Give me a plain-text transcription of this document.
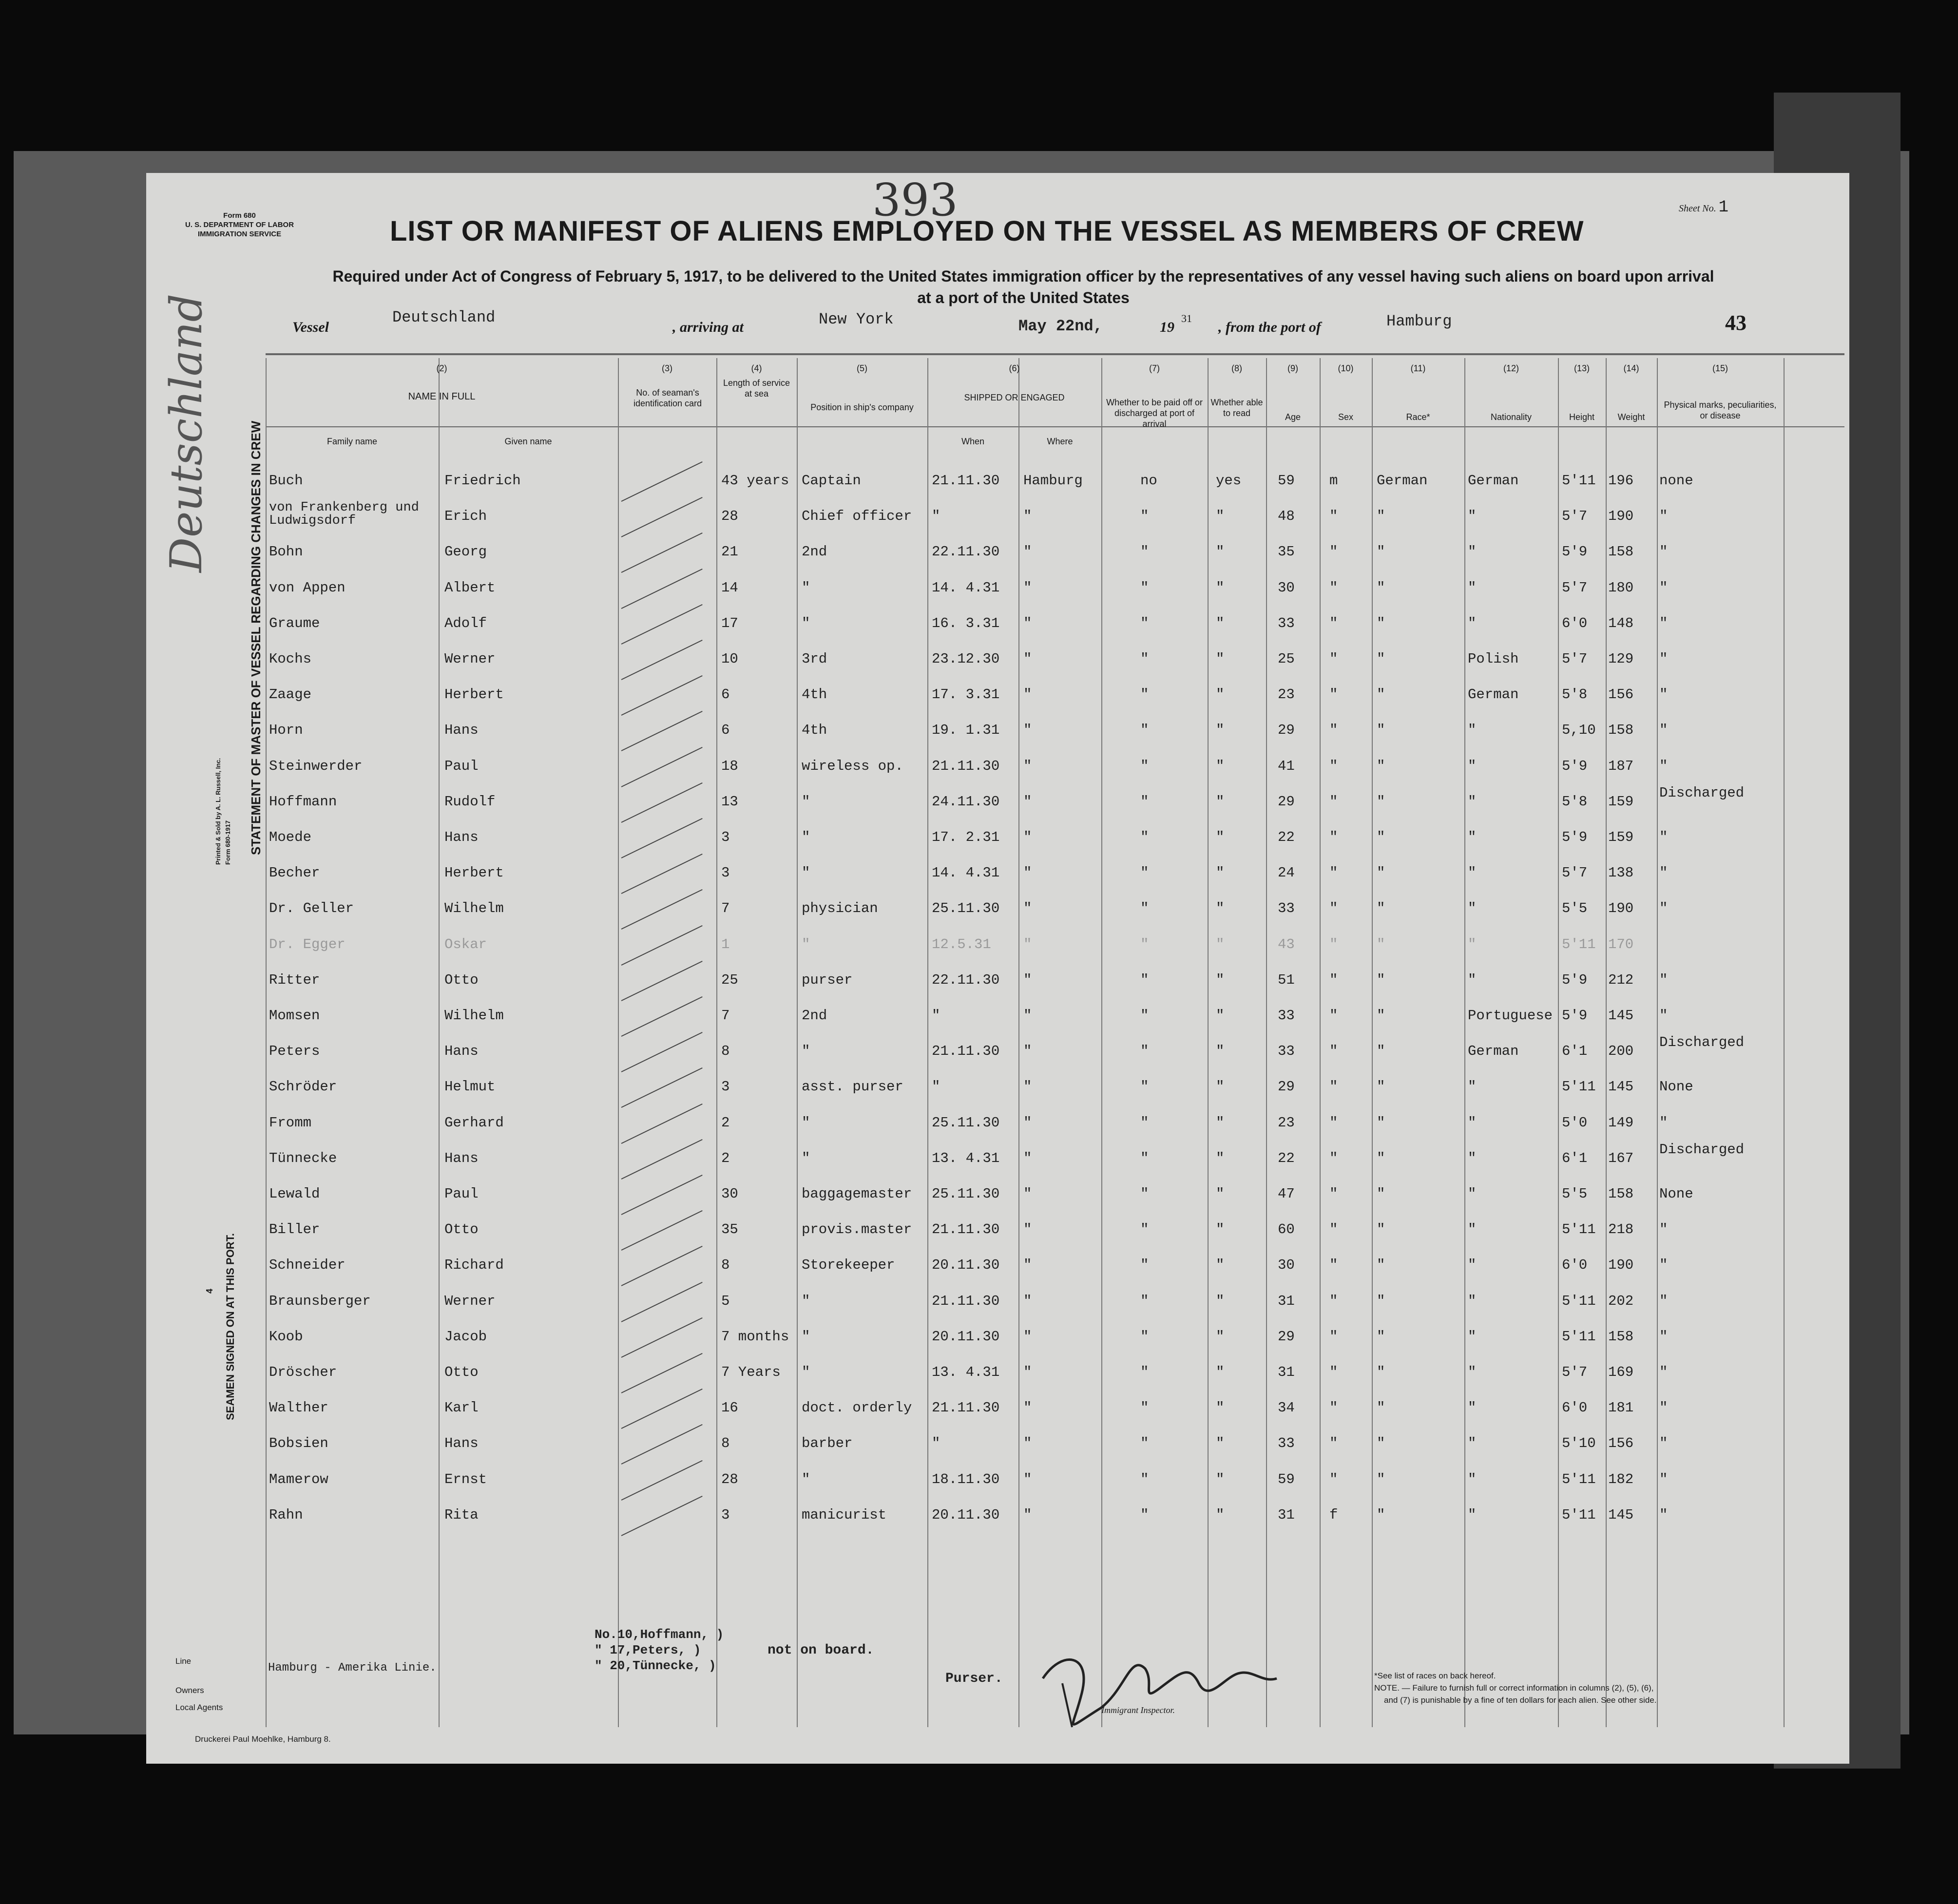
Form 680
U. S. DEPARTMENT OF LABOR
IMMIGRATION SERVICE
Sheet No. 1
393
LIST OR MANIFEST OF ALIENS EMPLOYED ON THE VESSEL AS MEMBERS OF CREW
Required under Act of Congress of February 5, 1917, to be delivered to the United States immigration officer by the representatives of any vessel having such aliens on board upon arrival
at a port of the United States
Vessel
Deutschland
, arriving at	New York	May 22nd,	19
31
, from the port of	Hamburg	43
(2)
NAME IN FULL
Family name	Given name
(3)
No. of seaman's identification card
(4)
Length of service at sea
(5)
Position in ship's company
(6)
SHIPPED OR ENGAGED
When	Where
(7)
Whether to be paid off or discharged at port of arrival
(8)
Whether able to read
(9)
Age
(10)
Sex
(11)
Race*
(12)
Nationality
(13)
Height
(14)
Weight
(15)
Physical marks, peculiarities, or disease
STATEMENT OF MASTER OF VESSEL REGARDING CHANGES IN CREW
Printed & Sold by A. L. Russell, Inc. Form 680-1917
SEAMEN SIGNED ON AT THIS PORT.
4
Deutschland	Buch	Friedrich	43 years Captain	21.11.30 Hamburg	no	yes	59 m	German	German	5'11 196 none
von Frankenberg und Ludwigsdorf	Erich	28	Chief officer "	"	"	"	48 "	"	"	5'7 190 "
Bohn	Georg	21	2nd	22.11.30 "	"	"	35 "	"	"	5'9 158 "
von Appen	Albert	14	"	14. 4.31 "	"	"	30 "	"	"	5'7 180 "
Graume	Adolf	17	"	16. 3.31 "	"	"	33 "	"	"	6'0 148 "
Kochs	Werner	10	3rd	23.12.30 "	"	"	25 "	"	Polish	5'7 129 "
Zaage	Herbert	6	4th	17. 3.31 "	"	"	23 "	"	German	5'8 156 "
Horn	Hans	6	4th	19. 1.31 "	"	"	29 "	"	"	5,10 158 "
Steinwerder	Paul	18	wireless op. 21.11.30 "	"	"	41 "	"	"	5'9 187 "
Hoffmann	Rudolf	13	"	24.11.30 "	"	"	29 "	"	"	5'8 159
Discharged
Moede	Hans	3	"	17. 2.31 "	"	"	22 "	"	"	5'9 159 "
Becher	Herbert	3	"	14. 4.31 "	"	"	24 "	"	"	5'7 138 "
Dr. Geller	Wilhelm	7	physician	25.11.30 "	"	"	33 "	"	"	5'5 190 "
Dr. Egger	Oskar	1	"	12.5.31 "	"	"	43 "	"	"	5'11 170
Ritter	Otto	25	purser	22.11.30 "	"	"	51 "	"	"	5'9 212 "
Momsen	Wilhelm	7	2nd	"	"	"	"	33 "	"	Portuguese 5'9 145 "
Peters	Hans	8	"	21.11.30 "	"	"	33 "	"	German	6'1 200
Discharged
Schröder	Helmut	3	asst. purser "	"	"	"	29 "	"	"	5'11 145 None
Fromm	Gerhard	2	"	25.11.30 "	"	"	23 "	"	"	5'0 149 "
Tünnecke	Hans	2	"	13. 4.31 "	"	"	22 "	"	"	6'1 167
Discharged
Lewald	Paul	30	baggagemaster 25.11.30 "	"	"	47 "	"	"	5'5 158 None
Biller	Otto	35	provis.master 21.11.30 "	"	"	60 "	"	"	5'11 218 "
Schneider	Richard	8	Storekeeper	20.11.30 "	"	"	30 "	"	"	6'0 190 "
Braunsberger	Werner	5	"	21.11.30 "	"	"	31 "	"	"	5'11 202 "
Koob	Jacob	7 months "	20.11.30 "	"	"	29 "	"	"	5'11 158 "
Dröscher	Otto	7 Years "	13. 4.31 "	"	"	31 "	"	"	5'7 169 "
Walther	Karl	16	doct. orderly 21.11.30 "	"	"	34 "	"	"	6'0 181 "
Bobsien	Hans	8	barber	"	"	"	"	33 "	"	"	5'10 156 "
Mamerow	Ernst	28	"	18.11.30 "	"	"	59 "	"	"	5'11 182 "
Rahn	Rita	3	manicurist	20.11.30 "	"	"	31 f	"	"	5'11 145 "
Line
Owners
Hamburg - Amerika Linie.
Local Agents
No.10,Hoffmann, )
" 17,Peters, )
" 20,Tünnecke, )
not on board.
Purser.
Immigrant Inspector.
*See list of races on back hereof.
NOTE. — Failure to furnish full or correct information in columns (2), (5), (6),
and (7) is punishable by a fine of ten dollars for each alien. See other side.
Druckerei Paul Moehlke, Hamburg 8.
